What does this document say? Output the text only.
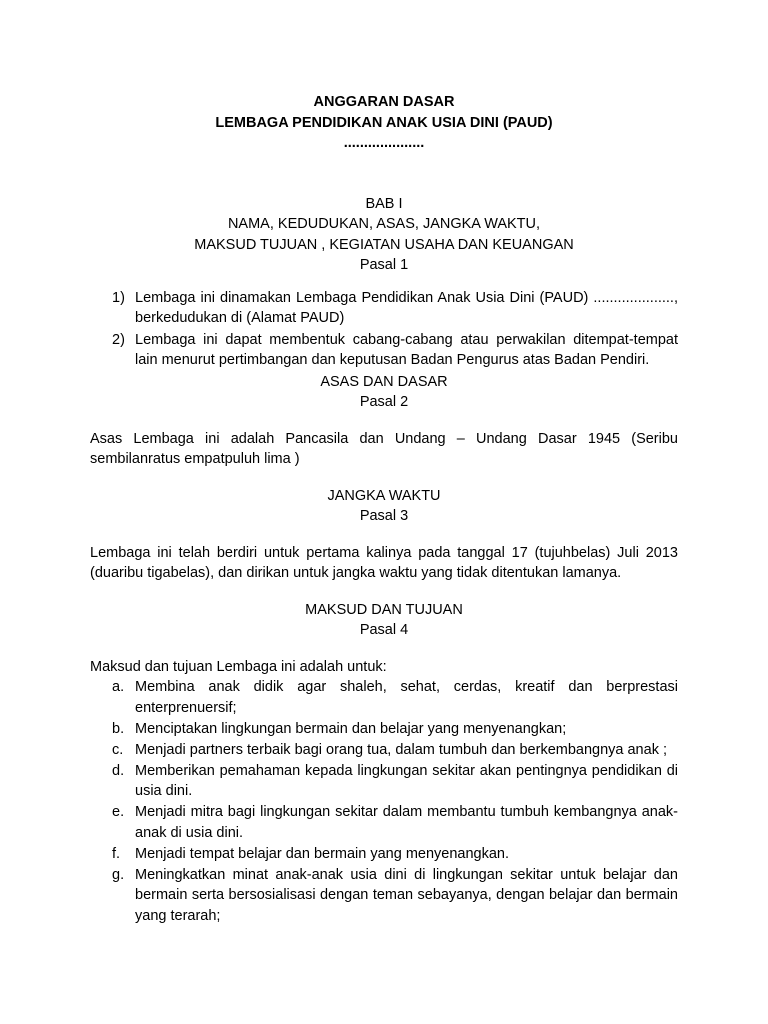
ANGGARAN DASAR

LEMBAGA PENDIDIKAN ANAK USIA DINI (PAUD)

....................

BAB I

NAMA, KEDUDUKAN, ASAS, JANGKA WAKTU,

MAKSUD TUJUAN , KEGIATAN USAHA DAN KEUANGAN

Pasal 1

1) Lembaga ini dinamakan Lembaga Pendidikan Anak Usia Dini (PAUD) ...................., berkedudukan di (Alamat PAUD)
2) Lembaga ini dapat membentuk cabang-cabang atau perwakilan ditempat-tempat lain menurut pertimbangan dan keputusan Badan Pengurus atas Badan Pendiri.

ASAS DAN DASAR

Pasal 2

Asas Lembaga ini adalah Pancasila dan Undang – Undang Dasar 1945 (Seribu sembilanratus empatpuluh lima )

JANGKA WAKTU

Pasal 3

Lembaga ini telah berdiri untuk pertama kalinya pada tanggal 17 (tujuhbelas) Juli 2013 (duaribu tigabelas), dan dirikan untuk jangka waktu yang tidak ditentukan lamanya.

MAKSUD DAN TUJUAN

Pasal 4

Maksud dan tujuan Lembaga ini adalah untuk:

a. Membina anak didik agar shaleh, sehat, cerdas, kreatif dan berprestasi enterprenuersif;
b. Menciptakan lingkungan bermain dan belajar yang menyenangkan;
c. Menjadi partners terbaik bagi orang tua, dalam tumbuh dan berkembangnya anak ;
d. Memberikan pemahaman kepada lingkungan sekitar akan pentingnya pendidikan di usia dini.
e. Menjadi mitra bagi lingkungan sekitar dalam membantu tumbuh kembangnya anak-anak di usia dini.
f. Menjadi tempat belajar dan bermain yang menyenangkan.
g. Meningkatkan minat anak-anak usia dini di lingkungan sekitar untuk belajar dan bermain serta bersosialisasi dengan teman sebayanya, dengan belajar dan bermain yang terarah;
